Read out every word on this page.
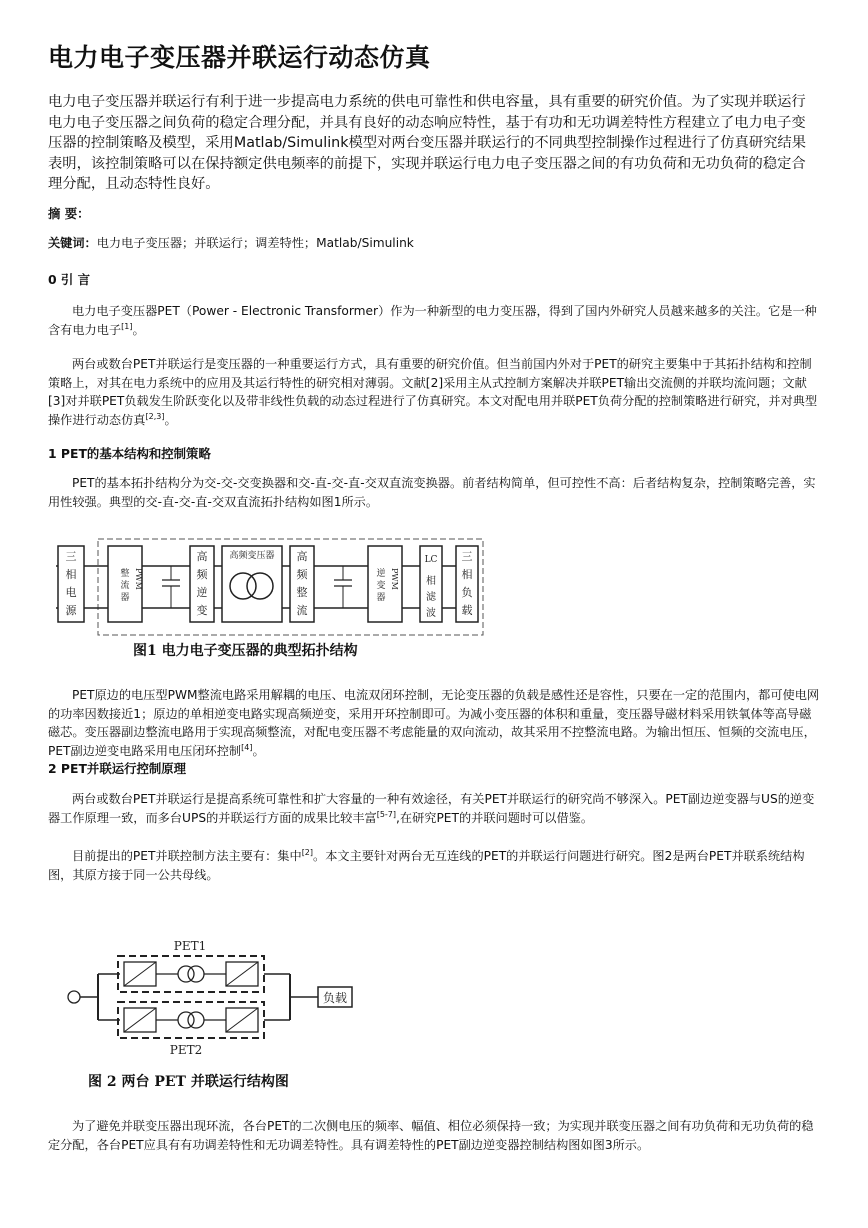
电力电子变压器并联运行动态仿真

电力电子变压器并联运行有利于进一步提高电力系统的供电可靠性和供电容量，具有重要的研究价值。为了实现并联运行电力电子变压器之间负荷的稳定合理分配，并具有良好的动态响应特性，基于有功和无功调差特性方程建立了电力电子变压器的控制策略及模型，采用Matlab/Simulink模型对两台变压器并联运行的不同典型控制操作过程进行了仿真研究结果表明，该控制策略可以在保持额定供电频率的前提下，实现并联运行电力电子变压器之间的有功负荷和无功负荷的稳定合理分配，且动态特性良好。

摘 要：

关键词：电力电子变压器；并联运行；调差特性；Matlab/Simulink

0 引 言

电力电子变压器PET（Power - Electronic Transformer）作为一种新型的电力变压器，得到了国内外研究人员越来越多的关注。它是一种含有电力电子[1]。

两台或数台PET并联运行是变压器的一种重要运行方式，具有重要的研究价值。但当前国内外对于PET的研究主要集中于其拓扑结构和控制策略上，对其在电力系统中的应用及其运行特性的研究相对薄弱。文献[2]采用主从式控制方案解决并联PET输出交流侧的并联均流问题；文献[3]对并联PET负载发生阶跃变化以及带非线性负载的动态过程进行了仿真研究。本文对配电用并联PET负荷分配的控制策略进行研究，并对典型操作进行动态仿真[2,3]。

1 PET的基本结构和控制策略

PET的基本拓扑结构分为交-交-交变换器和交-直-交-直-交双直流变换器。前者结构简单，但可控性不高：后者结构复杂，控制策略完善，实用性较强。典型的交-直-交-直-交双直流拓扑结构如图1所示。

三
相
电
源
整
流
器
PWM
高
频
逆
变
高频变压器 高
频
整
流
逆
变
器
PWM
LC
相
滤
波
三
相
负
载
图1 电力电子变压器的典型拓扑结构

PET原边的电压型PWM整流电路采用解耦的电压、电流双闭环控制，无论变压器的负载是感性还是容性，只要在一定的范围内，都可使电网的功率因数接近1；原边的单相逆变电路实现高频逆变，采用开环控制即可。为减小变压器的体积和重量，变压器导磁材料采用铁氧体等高导磁磁芯。变压器副边整流电路用于实现高频整流，对配电变压器不考虑能量的双向流动，故其采用不控整流电路。为输出恒压、恒频的交流电压，PET副边逆变电路采用电压闭环控制[4]。

2 PET并联运行控制原理

两台或数台PET并联运行是提高系统可靠性和扩大容量的一种有效途径，有关PET并联运行的研究尚不够深入。PET副边逆变器与US的逆变器工作原理一致，而多台UPS的并联运行方面的成果比较丰富[5-7],在研究PET的并联问题时可以借鉴。

目前提出的PET并联控制方法主要有：集中[2]。本文主要针对两台无互连线的PET的并联运行问题进行研究。图2是两台PET并联系统结构图，其原方接于同一公共母线。

PET1
PET2
负载
图 2 两台 PET 并联运行结构图

为了避免并联变压器出现环流，各台PET的二次侧电压的频率、幅值、相位必须保持一致；为实现并联变压器之间有功负荷和无功负荷的稳定分配，各台PET应具有有功调差特性和无功调差特性。具有调差特性的PET副边逆变器控制结构图如图3所示。
